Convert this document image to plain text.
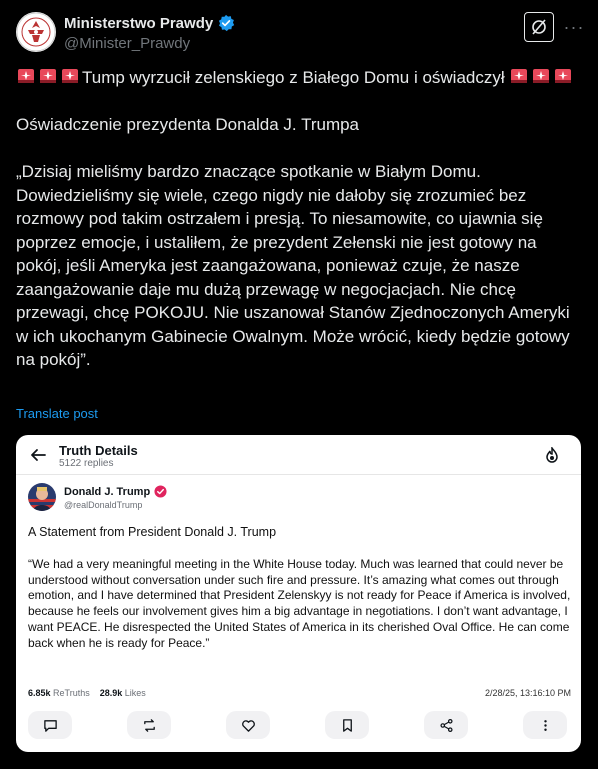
Ministerstwo Prawdy
@Minister_Prawdy
···

Tump wyrzucił zelenskiego z Białego Domu i oświadczył

Oświadczenie prezydenta Donalda J. Trumpa

„Dzisiaj mieliśmy bardzo znaczące spotkanie w Białym Domu. Dowiedzieliśmy się wiele, czego nigdy nie dałoby się zrozumieć bez rozmowy pod takim ostrzałem i presją. To niesamowite, co ujawnia się poprzez emocje, i ustaliłem, że prezydent Zełenski nie jest gotowy na pokój, jeśli Ameryka jest zaangażowana, ponieważ czuje, że nasze zaangażowanie daje mu dużą przewagę w negocjacjach. Nie chcę przewagi, chcę POKOJU. Nie uszanował Stanów Zjednoczonych Ameryki w ich ukochanym Gabinecie Owalnym. Może wrócić, kiedy będzie gotowy na pokój”.

Translate post
Truth Details
5122 replies
Donald J. Trump
@realDonaldTrump
A Statement from President Donald J. Trump
“We had a very meaningful meeting in the White House today. Much was learned that could never be understood without conversation under such fire and pressure. It’s amazing what comes out through emotion, and I have determined that President Zelenskyy is not ready for Peace if America is involved, because he feels our involvement gives him a big advantage in negotiations. I don’t want advantage, I want PEACE. He disrespected the United States of America in its cherished Oval Office. He can come back when he is ready for Peace.”
6.85k ReTruths 28.9k Likes	2/28/25, 13:16:10 PM
